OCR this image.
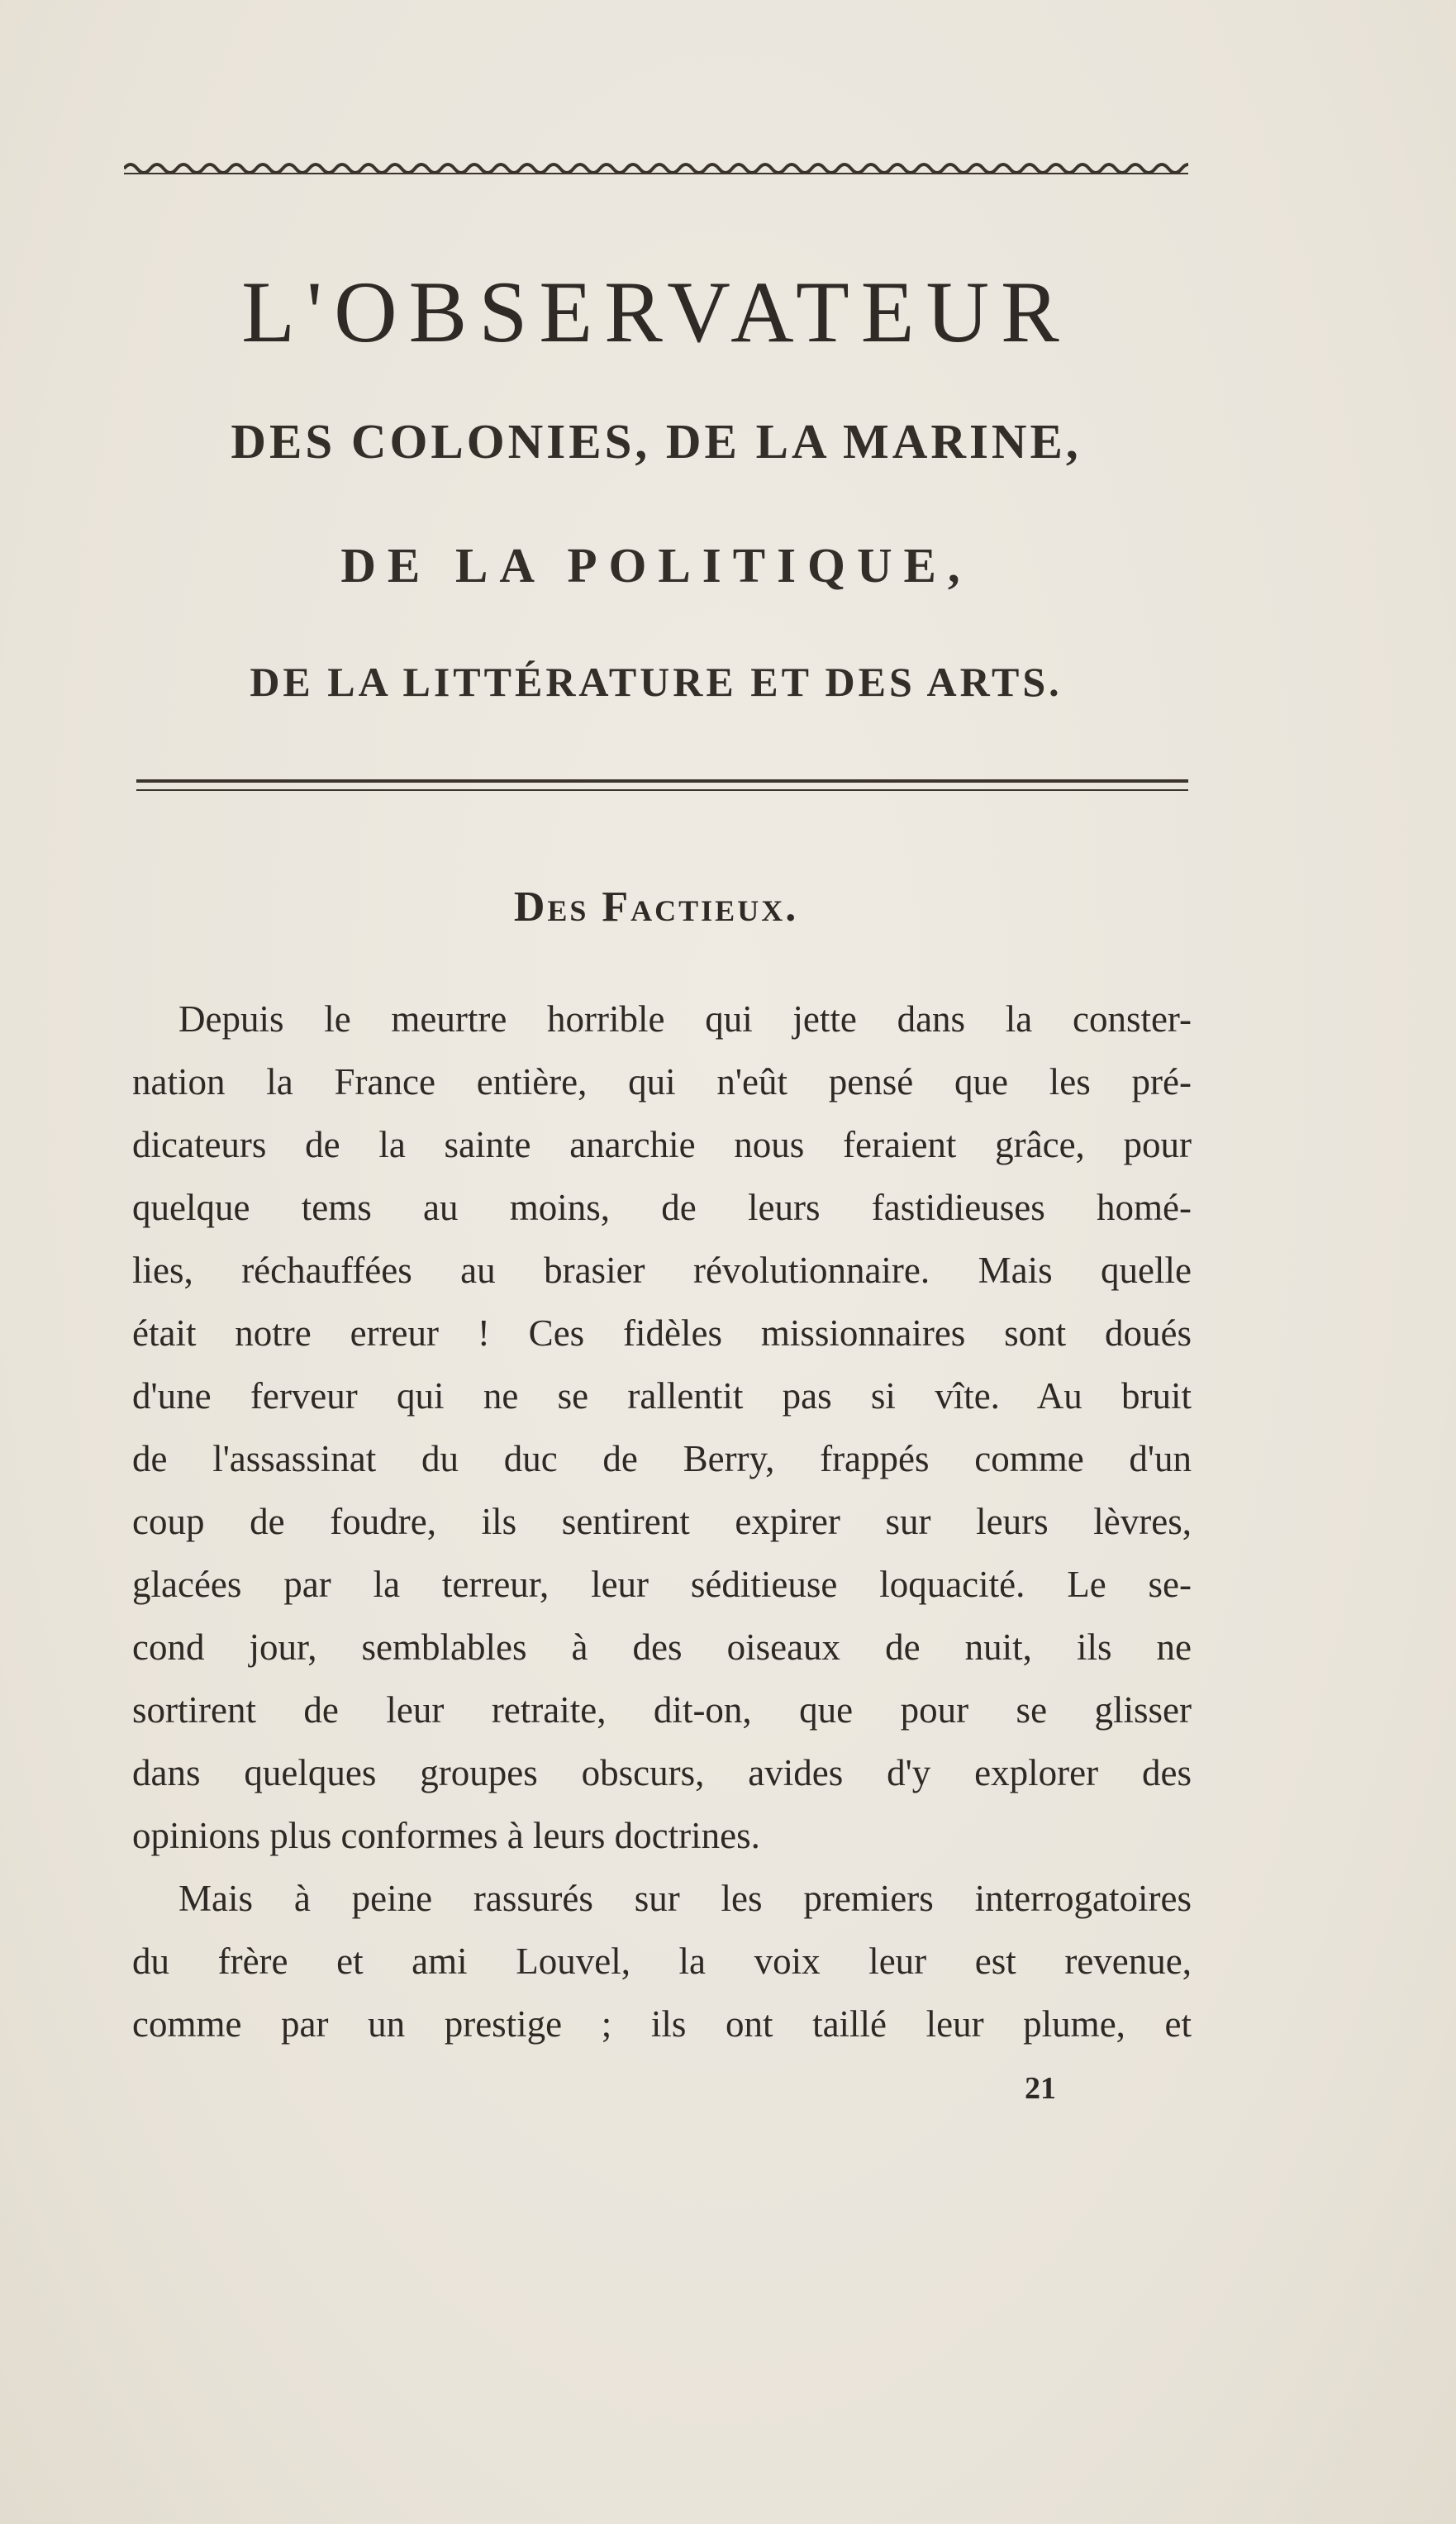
L'OBSERVATEUR
DES COLONIES, DE LA MARINE,
DE LA POLITIQUE,
DE LA LITTÉRATURE ET DES ARTS.
Des Factieux.
Depuis le meurtre horrible qui jette dans la conster-
nation la France entière, qui n'eût pensé que les pré-
dicateurs de la sainte anarchie nous feraient grâce, pour
quelque tems au moins, de leurs fastidieuses homé-
lies, réchauffées au brasier révolutionnaire. Mais quelle
était notre erreur ! Ces fidèles missionnaires sont doués
d'une ferveur qui ne se rallentit pas si vîte. Au bruit
de l'assassinat du duc de Berry, frappés comme d'un
coup de foudre, ils sentirent expirer sur leurs lèvres,
glacées par la terreur, leur séditieuse loquacité. Le se-
cond jour, semblables à des oiseaux de nuit, ils ne
sortirent de leur retraite, dit-on, que pour se glisser
dans quelques groupes obscurs, avides d'y explorer des
opinions plus conformes à leurs doctrines.
Mais à peine rassurés sur les premiers interrogatoires
du frère et ami Louvel, la voix leur est revenue,
comme par un prestige ; ils ont taillé leur plume, et
21
